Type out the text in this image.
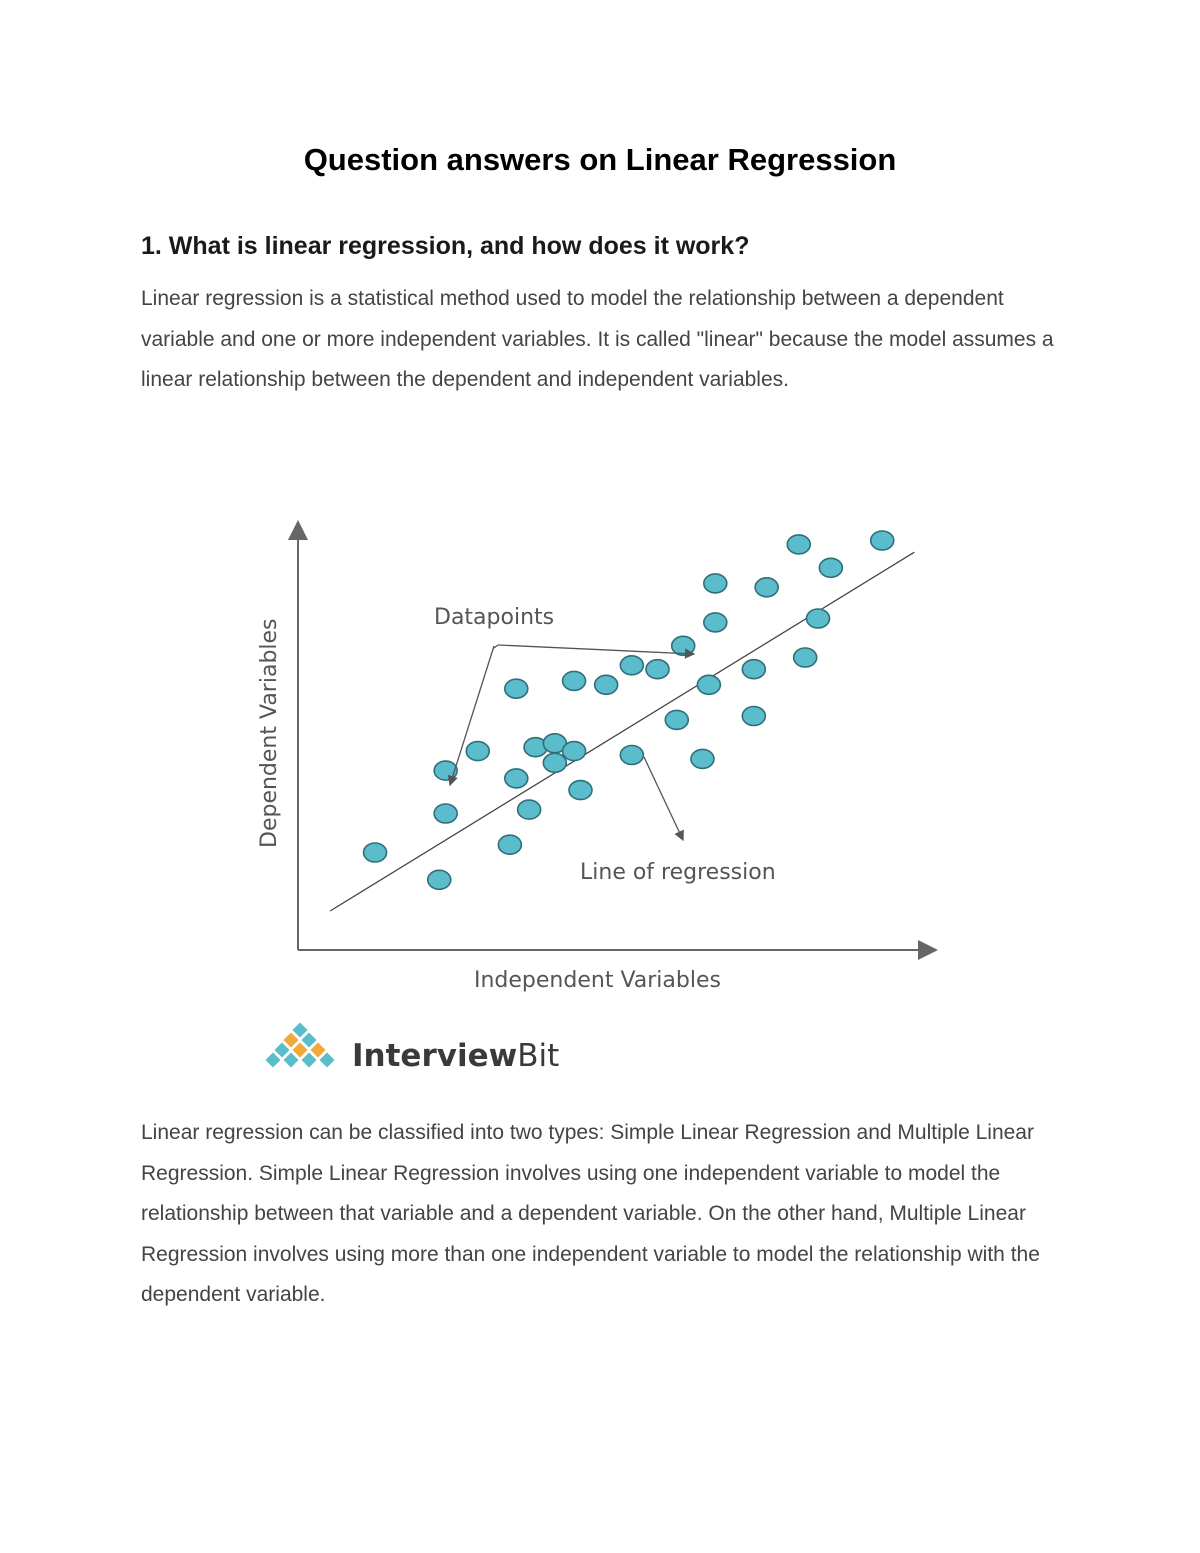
Question answers on Linear Regression
1. What is linear regression, and how does it work?

Linear regression is a statistical method used to model the relationship between a dependent variable and one or more independent variables. It is called "linear" because the model assumes a linear relationship between the dependent and independent variables.

Datapoints
Line of regression
Independent Variables
Dependent Variables
InterviewBit

Linear regression can be classified into two types: Simple Linear Regression and Multiple Linear Regression. Simple Linear Regression involves using one independent variable to model the relationship between that variable and a dependent variable. On the other hand, Multiple Linear Regression involves using more than one independent variable to model the relationship with the dependent variable.
